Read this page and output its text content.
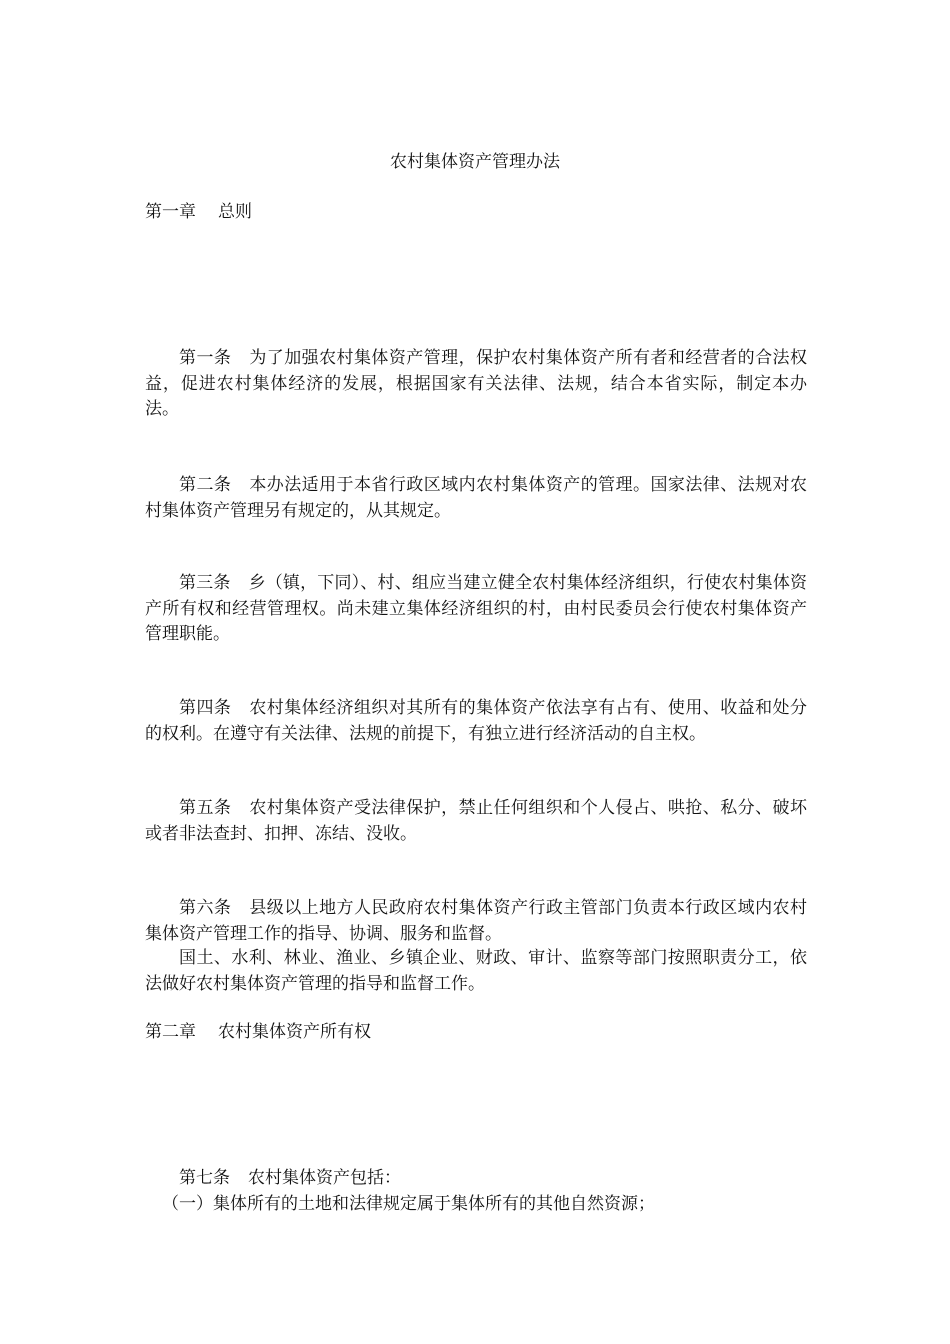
农村集体资产管理办法
第一章 总则

第一条 为了加强农村集体资产管理，保护农村集体资产所有者和经营者的合法权益，促进农村集体经济的发展，根据国家有关法律、法规，结合本省实际，制定本办法。

第二条 本办法适用于本省行政区域内农村集体资产的管理。国家法律、法规对农村集体资产管理另有规定的，从其规定。

第三条 乡（镇，下同）、村、组应当建立健全农村集体经济组织，行使农村集体资产所有权和经营管理权。尚未建立集体经济组织的村，由村民委员会行使农村集体资产管理职能。

第四条 农村集体经济组织对其所有的集体资产依法享有占有、使用、收益和处分的权利。在遵守有关法律、法规的前提下，有独立进行经济活动的自主权。

第五条 农村集体资产受法律保护，禁止任何组织和个人侵占、哄抢、私分、破坏或者非法查封、扣押、冻结、没收。

第六条 县级以上地方人民政府农村集体资产行政主管部门负责本行政区域内农村集体资产管理工作的指导、协调、服务和监督。

国土、水利、林业、渔业、乡镇企业、财政、审计、监察等部门按照职责分工，依法做好农村集体资产管理的指导和监督工作。

第二章 农村集体资产所有权

第七条 农村集体资产包括：

（一）集体所有的土地和法律规定属于集体所有的其他自然资源；
